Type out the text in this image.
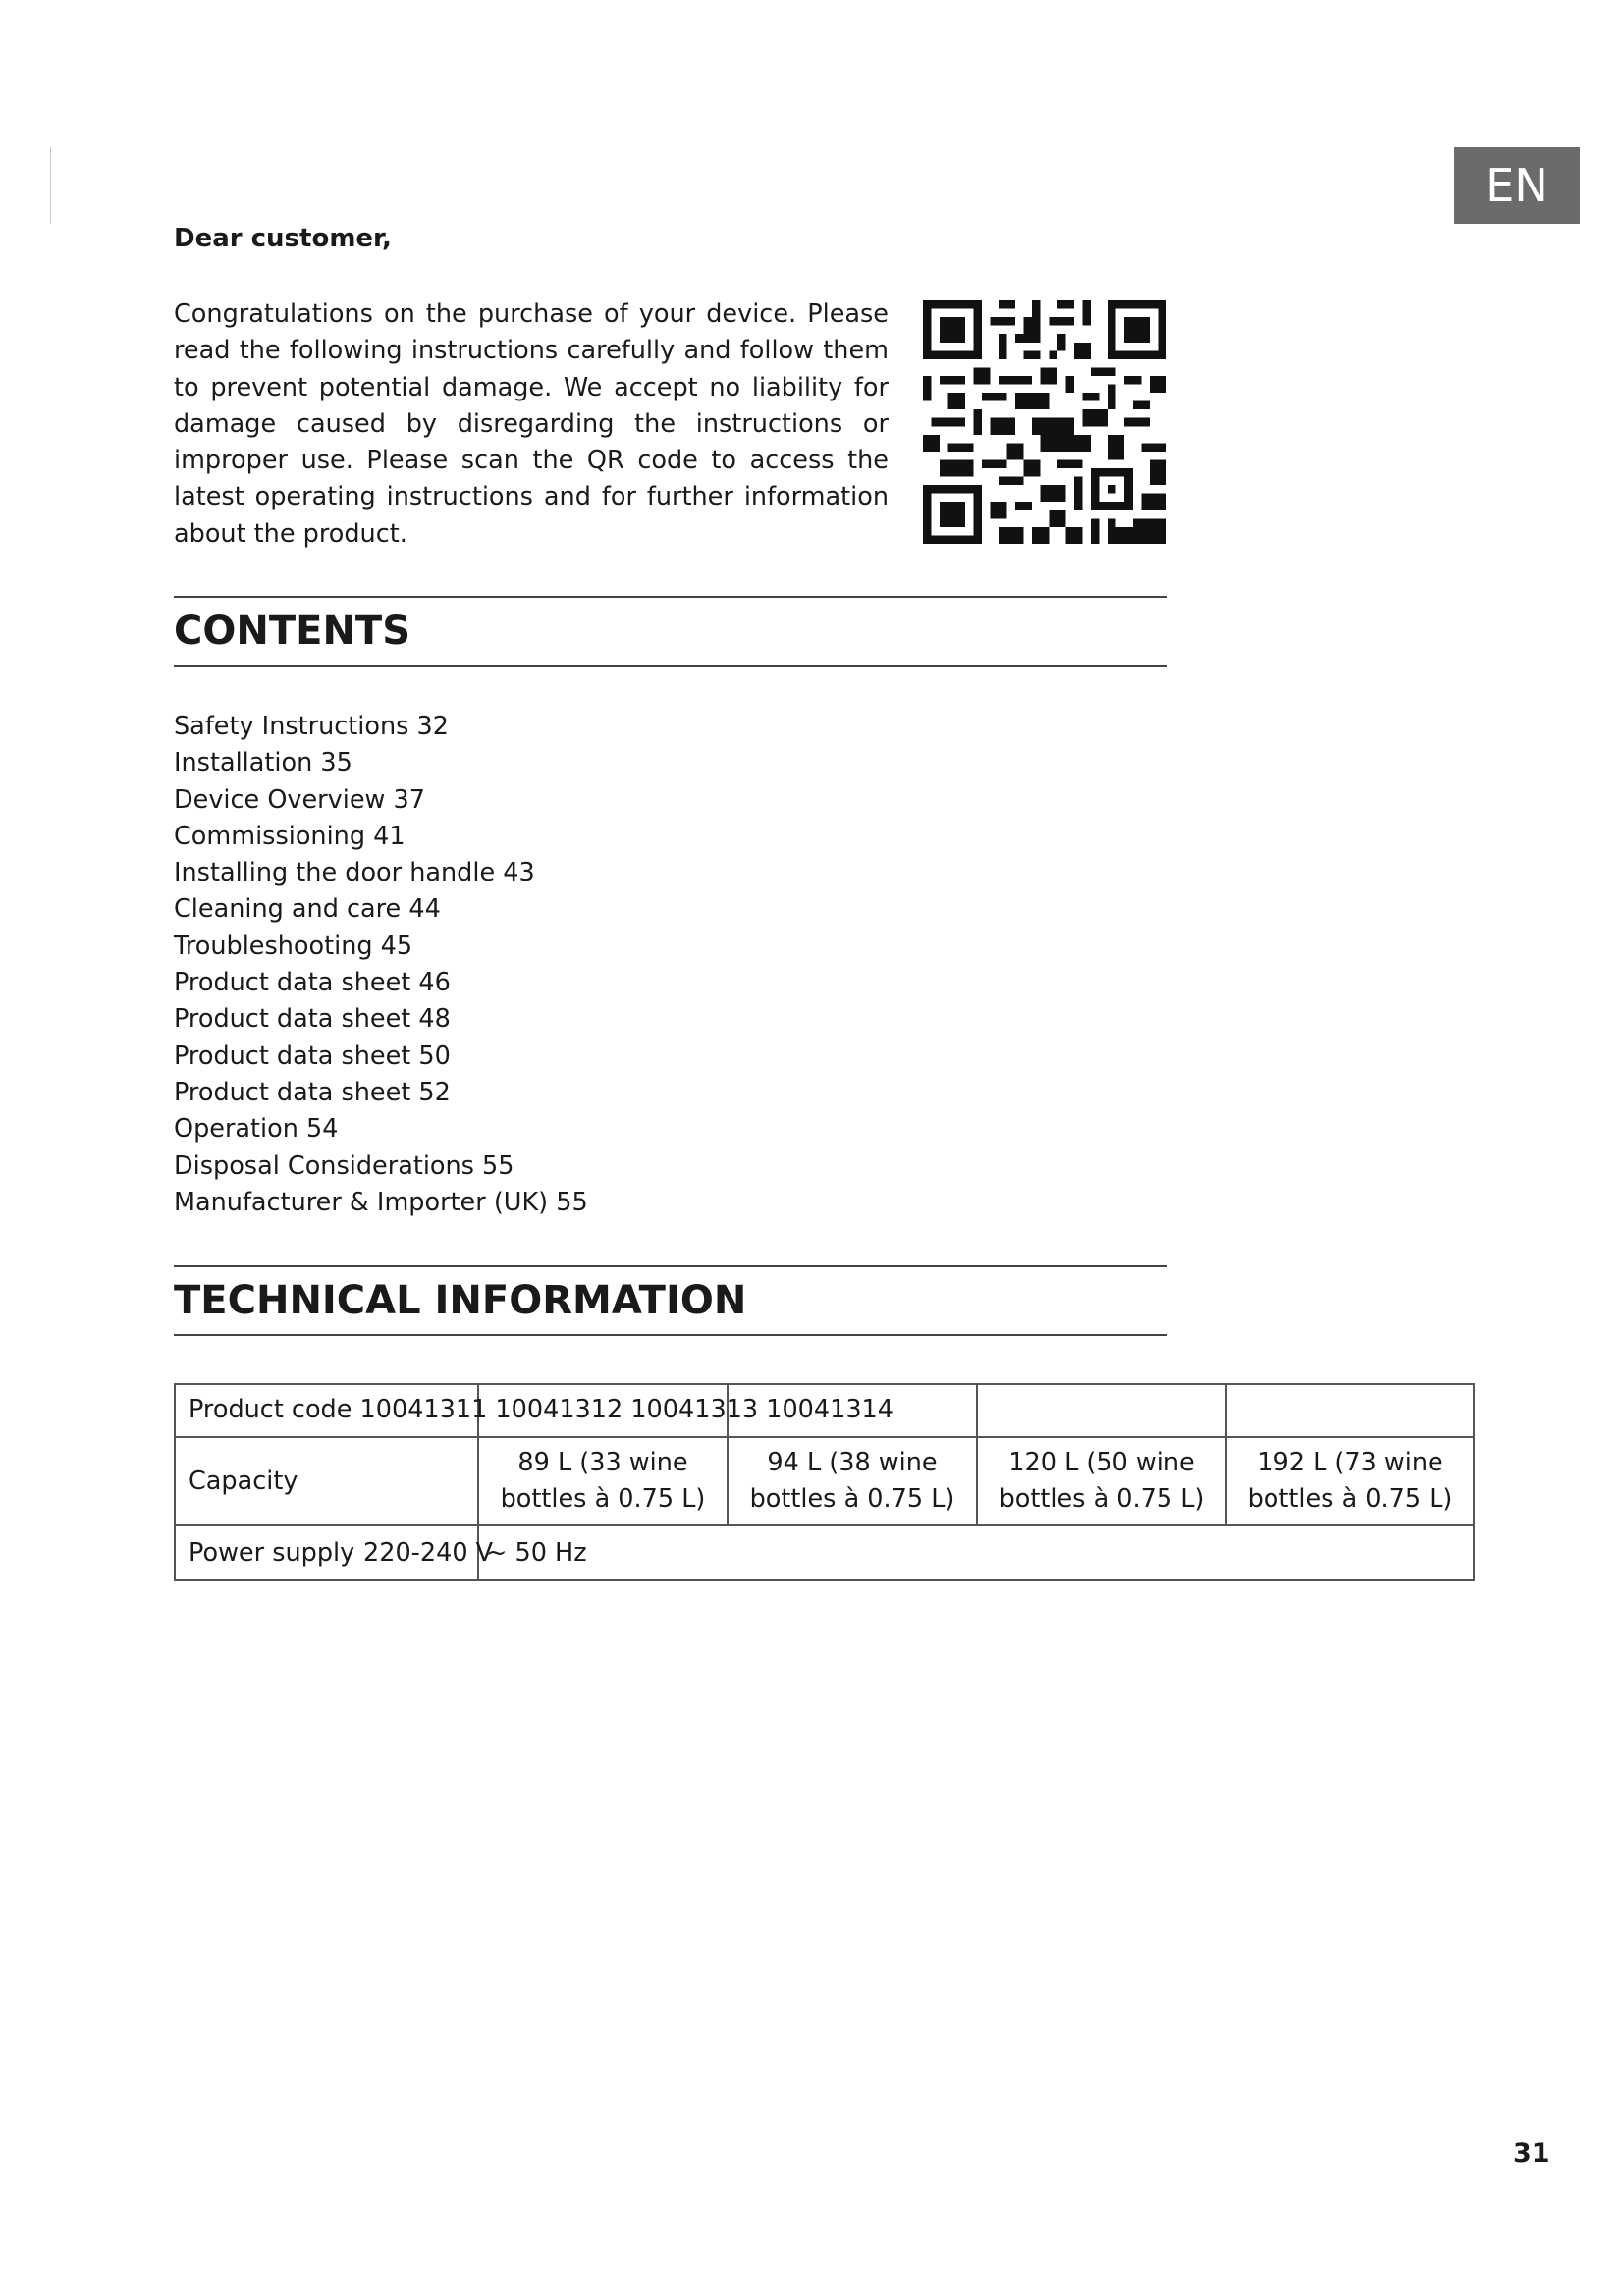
EN
Dear customer,
Congratulations on the purchase of your device. Please read the following instructions carefully and follow them to prevent potential damage. We accept no liability for damage caused by disregarding the instructions or improper use. Please scan the QR code to access the latest operating instructions and for further information about the product.
CONTENTS
Safety Instructions 32
Installation 35
Device Overview 37
Commissioning 41
Installing the door handle 43
Cleaning and care 44
Troubleshooting 45
Product data sheet 46
Product data sheet 48
Product data sheet 50
Product data sheet 52
Operation 54
Disposal Considerations 55
Manufacturer & Importer (UK) 55
TECHNICAL INFORMATION
Product code 10041311 10041312 10041313 10041314
Capacity
89 L (33 wine
bottles à 0.75 L)
94 L (38 wine
bottles à 0.75 L)
120 L (50 wine
bottles à 0.75 L)
192 L (73 wine
bottles à 0.75 L)
Power supply 220-240 V
~ 50 Hz
31
